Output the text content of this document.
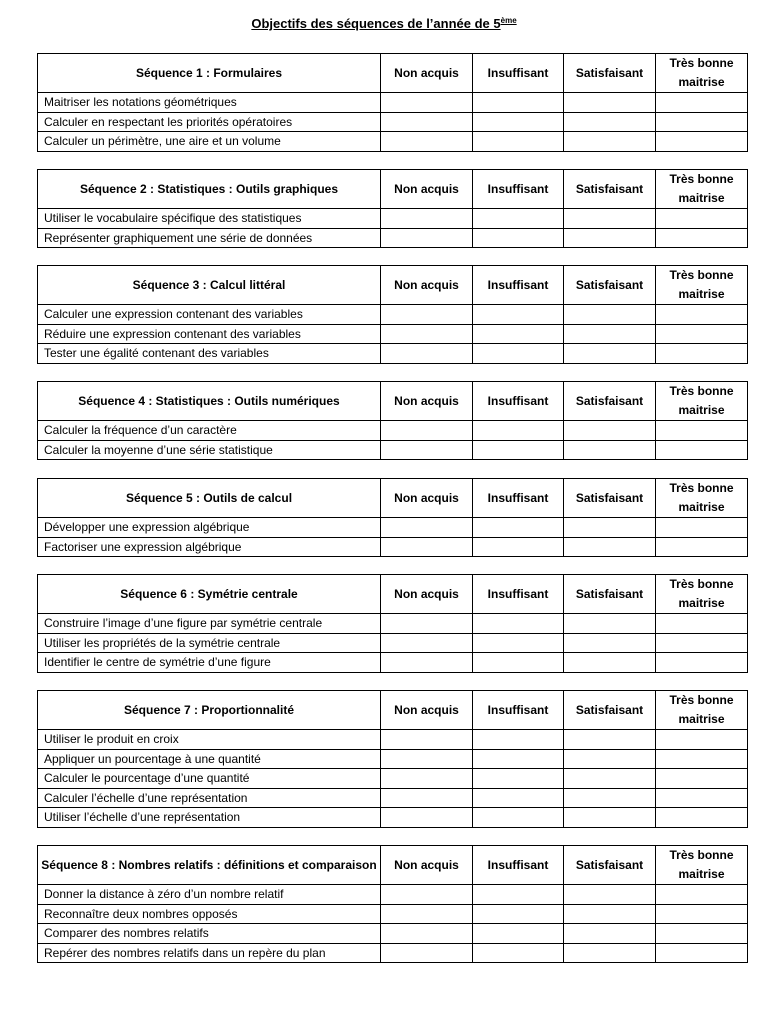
Objectifs des séquences de l’année de 5ème
Séquence 1 : Formulaires	Non acquis	Insuffisant	Satisfaisant	Très bonne maitrise
Maitriser les notations géométriques				
Calculer en respectant les priorités opératoires				
Calculer un périmètre, une aire et un volume				
Séquence 2 : Statistiques : Outils graphiques	Non acquis	Insuffisant	Satisfaisant	Très bonne maitrise
Utiliser le vocabulaire spécifique des statistiques				
Représenter graphiquement une série de données				
Séquence 3 : Calcul littéral	Non acquis	Insuffisant	Satisfaisant	Très bonne maitrise
Calculer une expression contenant des variables				
Réduire une expression contenant des variables				
Tester une égalité contenant des variables				
Séquence 4 : Statistiques : Outils numériques	Non acquis	Insuffisant	Satisfaisant	Très bonne maitrise
Calculer la fréquence d’un caractère				
Calculer la moyenne d’une série statistique				
Séquence 5 : Outils de calcul	Non acquis	Insuffisant	Satisfaisant	Très bonne maitrise
Développer une expression algébrique				
Factoriser une expression algébrique				
Séquence 6 : Symétrie centrale	Non acquis	Insuffisant	Satisfaisant	Très bonne maitrise
Construire l’image d’une figure par symétrie centrale				
Utiliser les propriétés de la symétrie centrale				
Identifier le centre de symétrie d’une figure				
Séquence 7 : Proportionnalité	Non acquis	Insuffisant	Satisfaisant	Très bonne maitrise
Utiliser le produit en croix				
Appliquer un pourcentage à une quantité				
Calculer le pourcentage d’une quantité				
Calculer l’échelle d’une représentation				
Utiliser l’échelle d’une représentation				
Séquence 8 : Nombres relatifs : définitions et comparaison	Non acquis	Insuffisant	Satisfaisant	Très bonne maitrise
Donner la distance à zéro d’un nombre relatif				
Reconnaître deux nombres opposés				
Comparer des nombres relatifs				
Repérer des nombres relatifs dans un repère du plan				
